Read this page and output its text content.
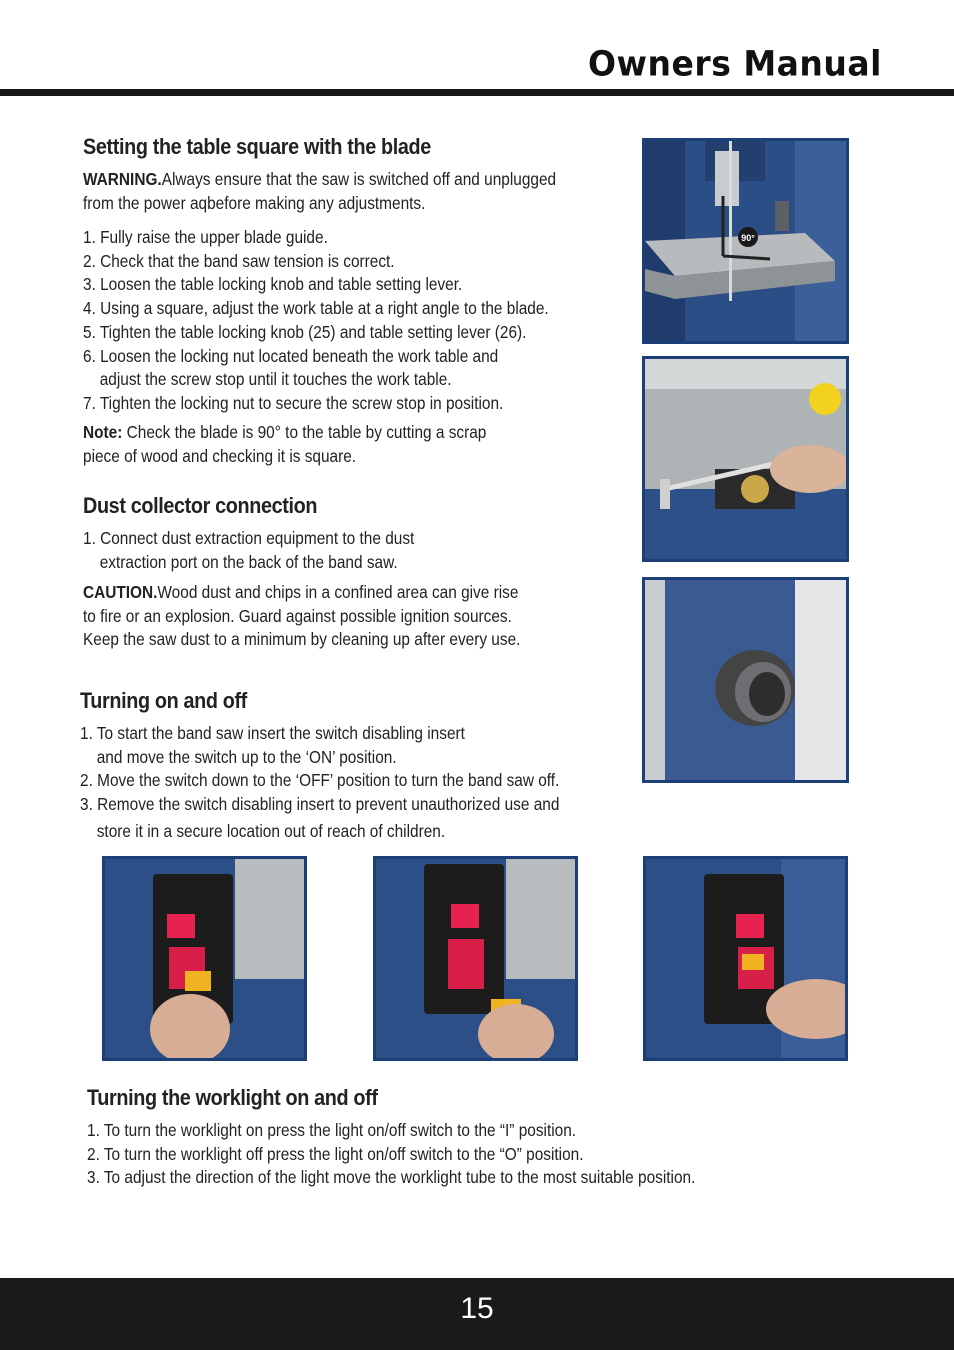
Owners Manual
Setting the table square with the blade

WARNING.Always ensure that the saw is switched off and unplugged

from the power aqbefore making any adjustments.

1. Fully raise the upper blade guide.
2. Check that the band saw tension is correct.
3. Loosen the table locking knob and table setting lever.
4. Using a square, adjust the work table at a right angle to the blade.
5. Tighten the table locking knob (25) and table setting lever (26).
6. Loosen the locking nut located beneath the work table and
adjust the screw stop until it touches the work table.
7. Tighten the locking nut to secure the screw stop in position.

Note: Check the blade is 90° to the table by cutting a scrap

piece of wood and checking it is square.

Dust collector connection
1. Connect dust extraction equipment to the dust
extraction port on the back of the band saw.

CAUTION.Wood dust and chips in a confined area can give rise

to fire or an explosion. Guard against possible ignition sources.

Keep the saw dust to a minimum by cleaning up after every use.

Turning on and off
1. To start the band saw insert the switch disabling insert
and move the switch up to the ‘ON’ position.
2. Move the switch down to the ‘OFF’ position to turn the band saw off.
3. Remove the switch disabling insert to prevent unauthorized use and
store it in a secure location out of reach of children.
Turning the worklight on and off
1. To turn the worklight on press the light on/off switch to the “I” position.
2. To turn the worklight off press the light on/off switch to the “O” position.
3. To adjust the direction of the light move the worklight tube to the most suitable position.
90°
15
